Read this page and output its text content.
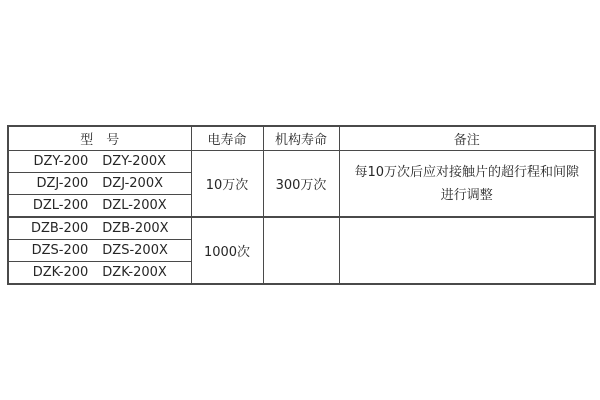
型　号	电寿命	机构寿命	备注

DZY-200 DZY-200X	10万次	300万次	每10万次后应对接触片的超行程和间隙
进行调整

DZJ-200 DZJ-200X			

DZL-200 DZL-200X			

DZB-200 DZB-200X	1000次		

DZS-200 DZS-200X			

DZK-200 DZK-200X			
